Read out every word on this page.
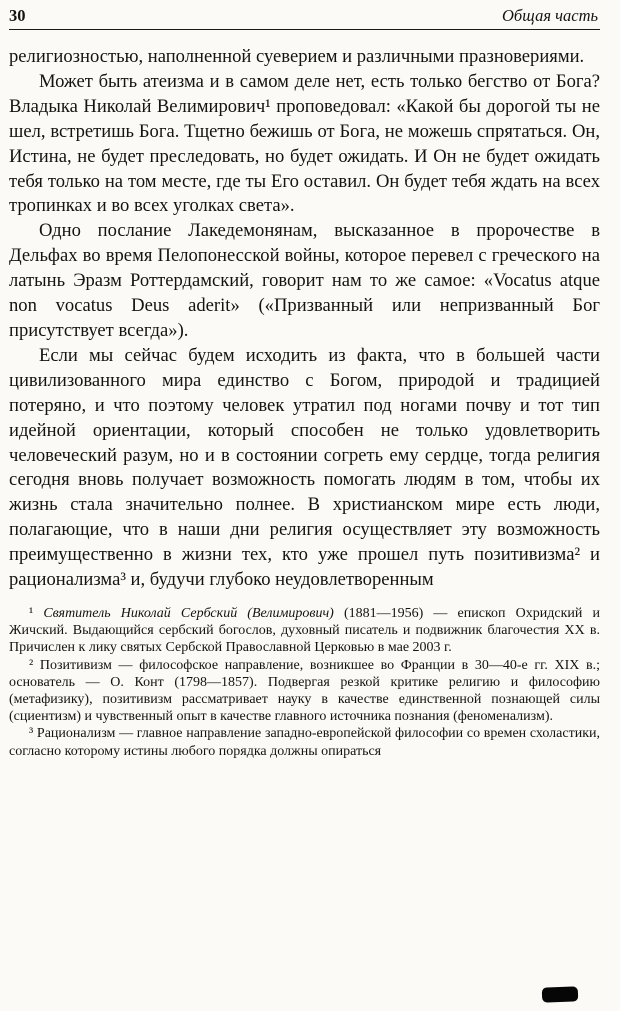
30	Общая часть

религиозностью, наполненной суеверием и различными празновериями.

Может быть атеизма и в самом деле нет, есть только бегство от Бога? Владыка Николай Велимирович¹ проповедовал: «Какой бы дорогой ты не шел, встретишь Бога. Тщетно бежишь от Бога, не можешь спрятаться. Он, Истина, не будет преследовать, но будет ожидать. И Он не будет ожидать тебя только на том месте, где ты Его оставил. Он будет тебя ждать на всех тропинках и во всех уголках света».

Одно послание Лакедемонянам, высказанное в пророчестве в Дельфах во время Пелопонесской войны, которое перевел с греческого на латынь Эразм Роттердамский, говорит нам то же самое: «Vocatus atque non vocatus Deus aderit» («Призванный или непризванный Бог присутствует всегда»).

Если мы сейчас будем исходить из факта, что в большей части цивилизованного мира единство с Богом, природой и традицией потеряно, и что поэтому человек утратил под ногами почву и тот тип идейной ориентации, который способен не только удовлетворить человеческий разум, но и в состоянии согреть ему сердце, тогда религия сегодня вновь получает возможность помогать людям в том, чтобы их жизнь стала значительно полнее. В христианском мире есть люди, полагающие, что в наши дни религия осуществляет эту возможность преимущественно в жизни тех, кто уже прошел путь позитивизма² и рационализма³ и, будучи глубоко неудовлетворенным

¹ Святитель Николай Сербский (Велимирович) (1881—1956) — епископ Охридский и Жичский. Выдающийся сербский богослов, духовный писатель и подвижник благочестия XX в. Причислен к лику святых Сербской Православной Церковью в мае 2003 г.

² Позитивизм — философское направление, возникшее во Франции в 30—40-е гг. XIX в.; основатель — О. Конт (1798—1857). Подвергая резкой критике религию и философию (метафизику), позитивизм рассматривает науку в качестве единственной познающей силы (сциентизм) и чувственный опыт в качестве главного источника познания (феноменализм).

³ Рационализм — главное направление западно-европейской философии со времен схоластики, согласно которому истины любого порядка должны опираться
